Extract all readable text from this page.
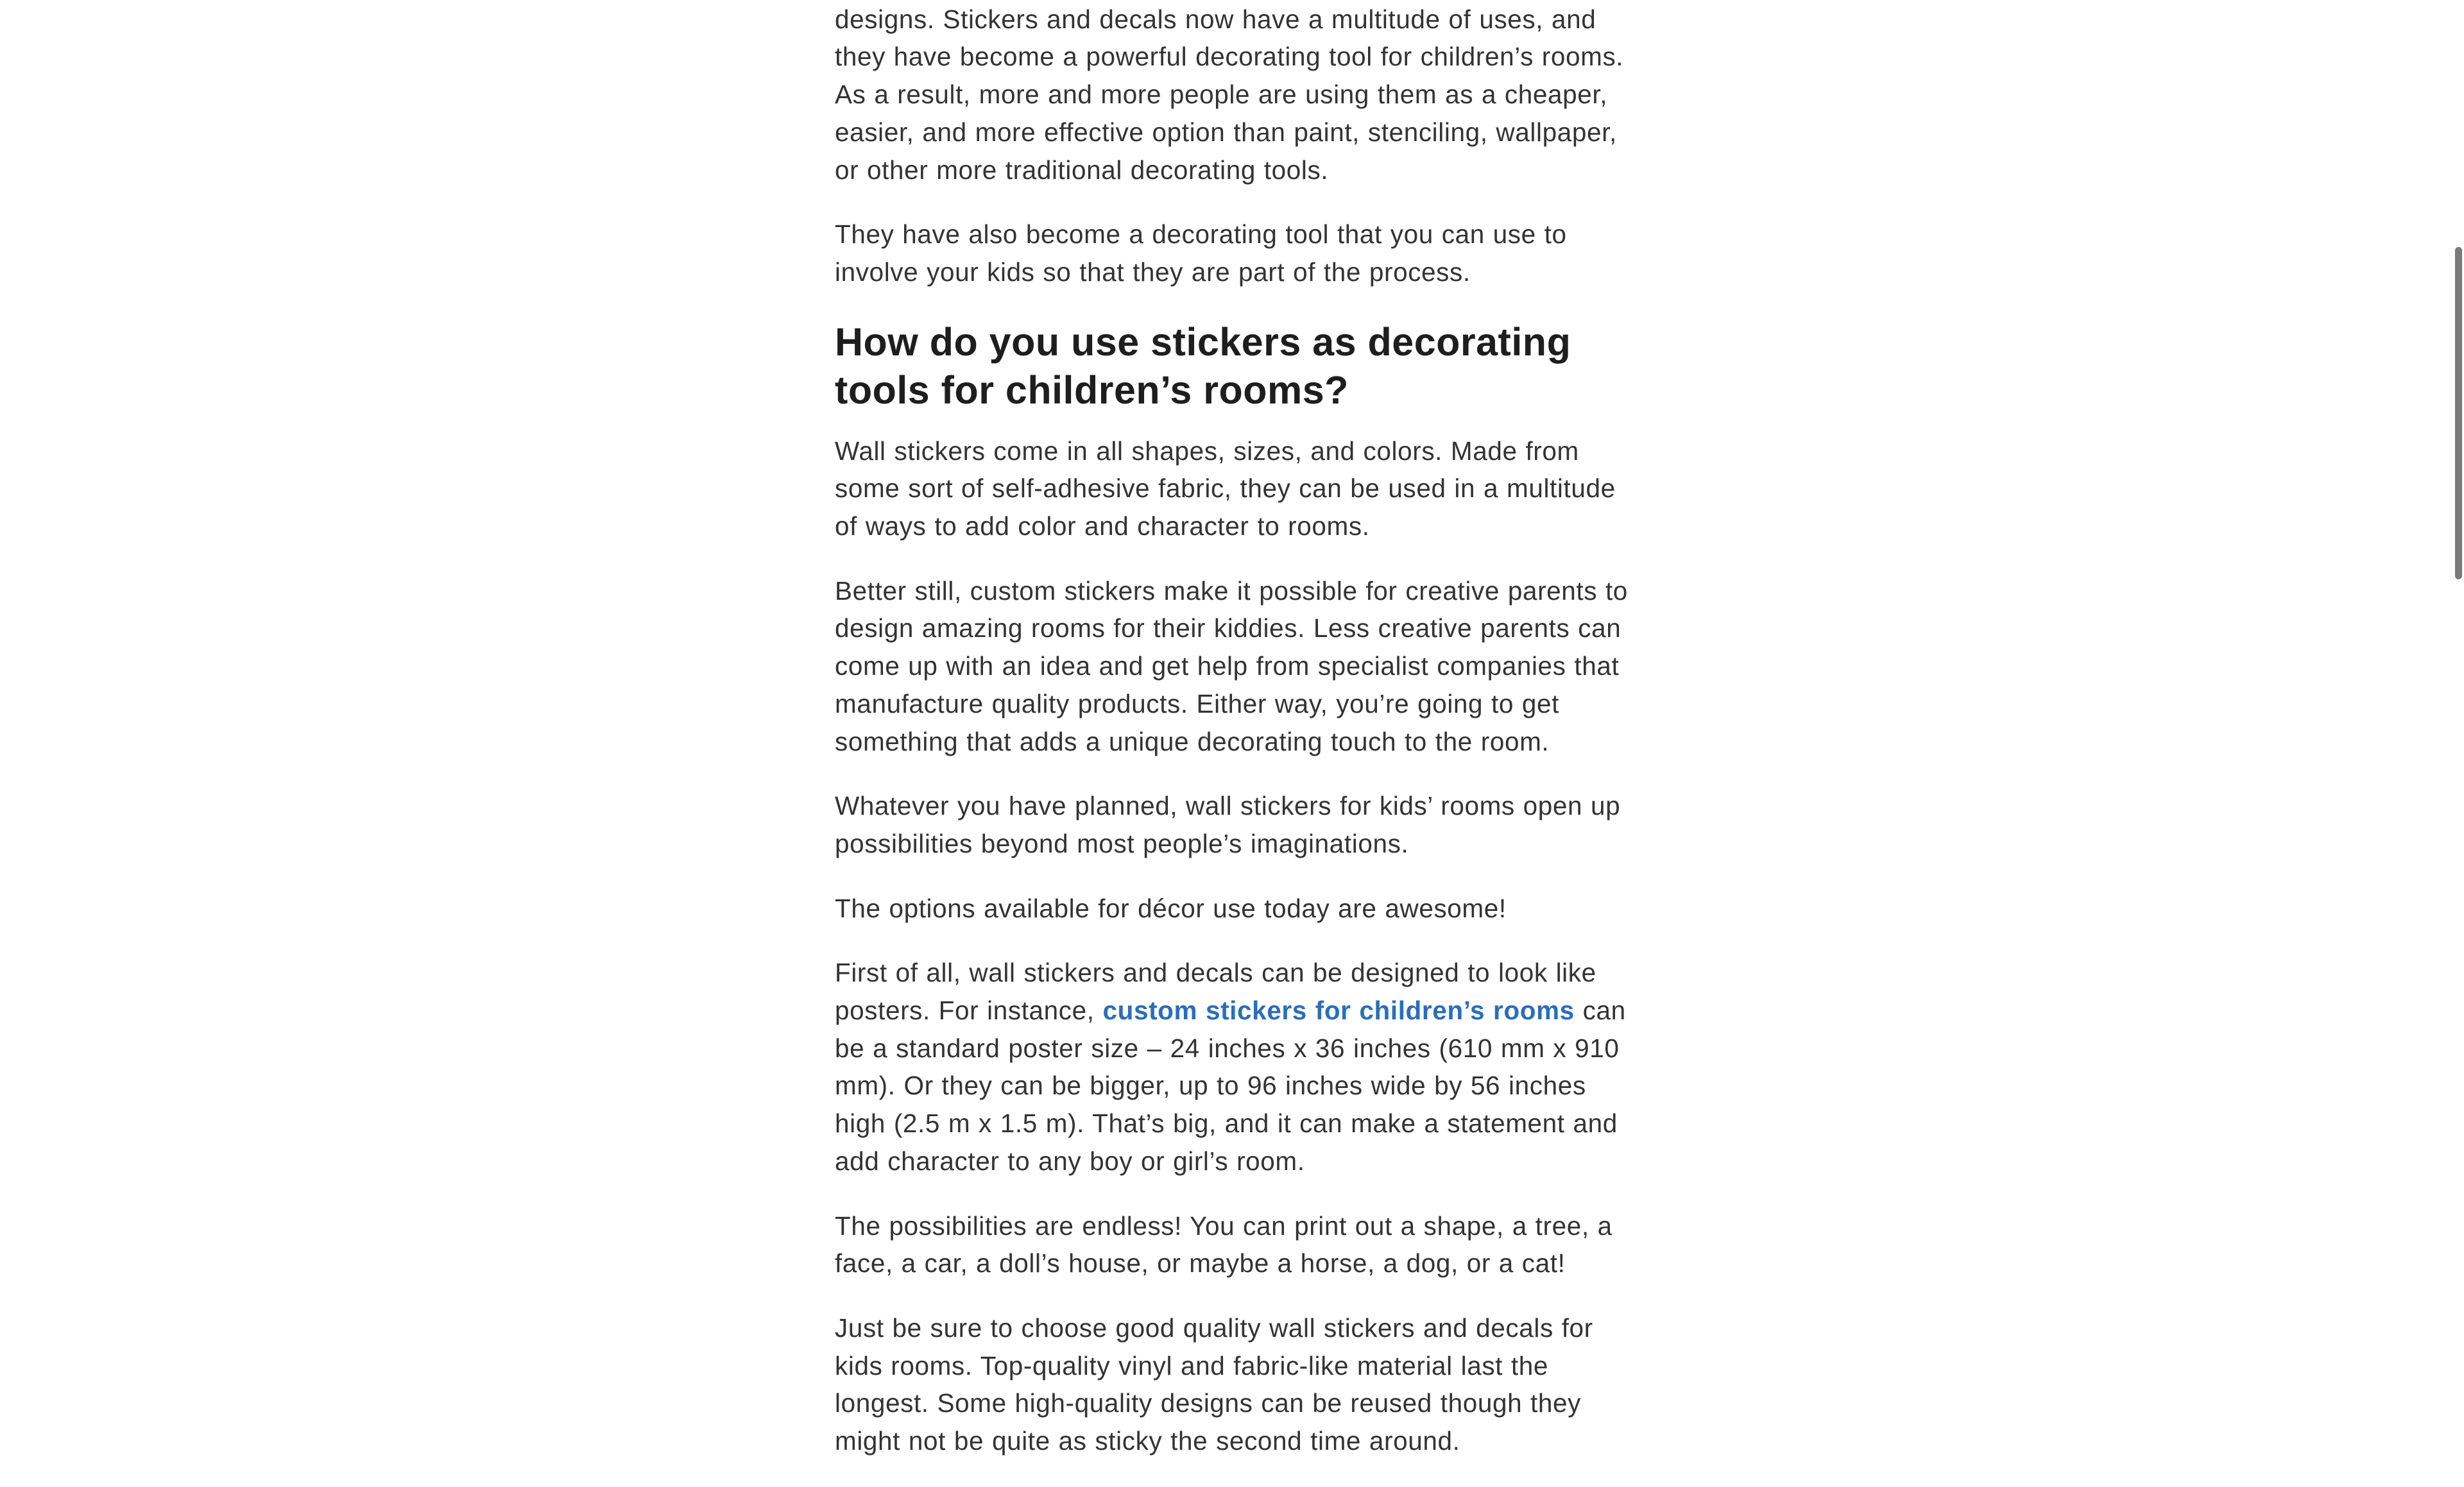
designs. Stickers and decals now have a multitude of uses, and they have become a powerful decorating tool for children’s rooms. As a result, more and more people are using them as a cheaper, easier, and more effective option than paint, stenciling, wallpaper, or other more traditional decorating tools.

They have also become a decorating tool that you can use to involve your kids so that they are part of the process.

How do you use stickers as decorating tools for children’s rooms?

Wall stickers come in all shapes, sizes, and colors. Made from some sort of self-adhesive fabric, they can be used in a multitude of ways to add color and character to rooms.

Better still, custom stickers make it possible for creative parents to design amazing rooms for their kiddies. Less creative parents can come up with an idea and get help from specialist companies that manufacture quality products. Either way, you’re going to get something that adds a unique decorating touch to the room.

Whatever you have planned, wall stickers for kids’ rooms open up possibilities beyond most people’s imaginations.

The options available for décor use today are awesome!

First of all, wall stickers and decals can be designed to look like posters. For instance, custom stickers for children’s rooms can be a standard poster size – 24 inches x 36 inches (610 mm x 910 mm). Or they can be bigger, up to 96 inches wide by 56 inches high (2.5 m x 1.5 m). That’s big, and it can make a statement and add character to any boy or girl’s room.

The possibilities are endless! You can print out a shape, a tree, a face, a car, a doll’s house, or maybe a horse, a dog, or a cat!

Just be sure to choose good quality wall stickers and decals for kids rooms. Top-quality vinyl and fabric-like material last the longest. Some high-quality designs can be reused though they might not be quite as sticky the second time around.
